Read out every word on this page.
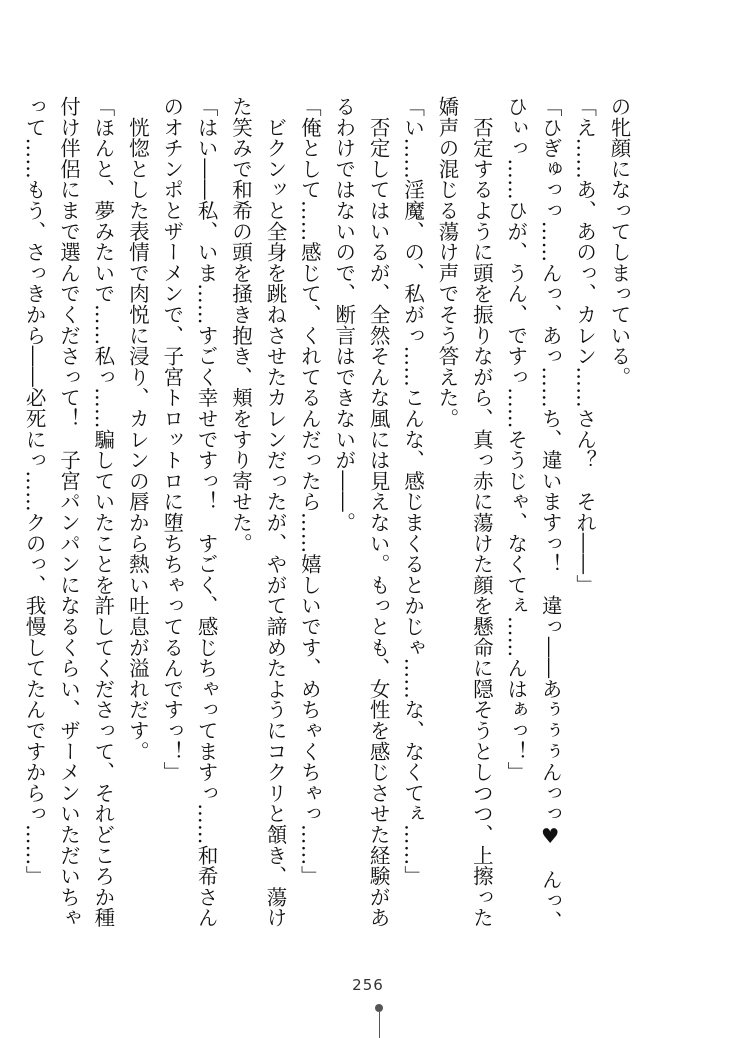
の牝顔になってしまっている。
「え……あ、あのっ、カレン……さん？　それ――」
「ひぎゅっっ……んっ、あっ……ち、違いますっ！　違っ――あぅぅぅんっっ♥　んっ、
ひぃっ……ひが、うん、ですっ……そうじゃ、なくてぇ……んはぁっ！」
　否定するように頭を振りながら、真っ赤に蕩けた顔を懸命に隠そうとしつつ、上擦った
嬌声の混じる蕩け声でそう答えた。
「い……淫魔、の、私がっ……こんな、感じまくるとかじゃ……な、なくてぇ……」
　否定してはいるが、全然そんな風には見えない。もっとも、女性を感じさせた経験があ
るわけではないので、断言はできないが――。
「俺として……感じて、くれてるんだったら……嬉しいです、めちゃくちゃっ……」
　ビクンッと全身を跳ねさせたカレンだったが、やがて諦めたようにコクリと頷き、蕩け
た笑みで和希の頭を掻き抱き、頬をすり寄せた。
「はい――私、いま……すごく幸せですっ！　すごく、感じちゃってますっ……和希さん
のオチンポとザーメンで、子宮トロットロに堕ちちゃってるんですっ！」
　恍惚とした表情で肉悦に浸り、カレンの唇から熱い吐息が溢れだす。
「ほんと、夢みたいで……私っ……騙していたことを許してくださって、それどころか種
付け伴侶にまで選んでくださって！　子宮パンパンになるくらい、ザーメンいただいちゃ
って……もう、さっきから――必死にっ……クのっ、我慢してたんですからっ……」
256
